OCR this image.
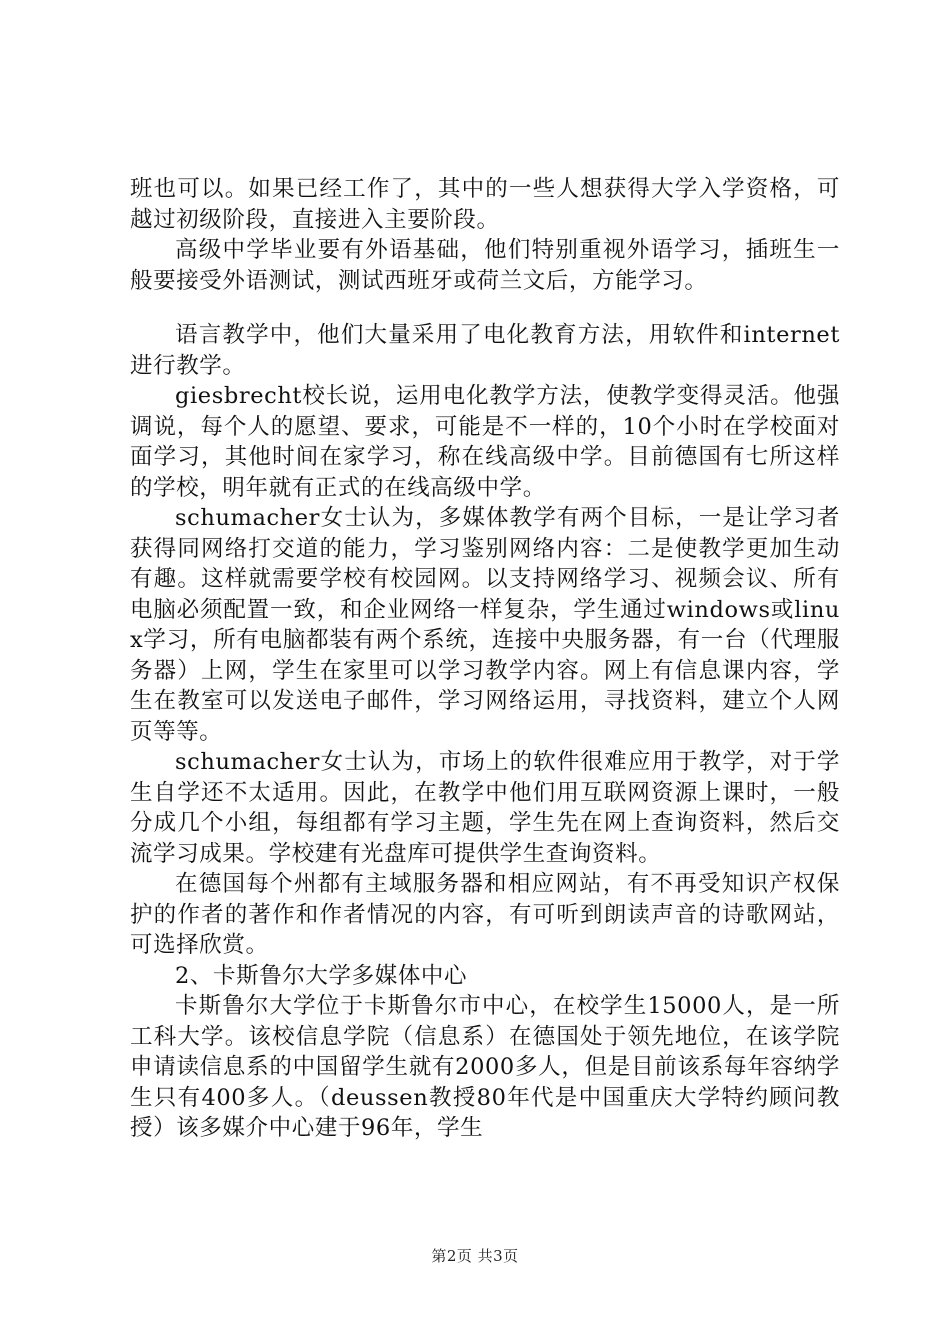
班也可以。如果已经工作了，其中的一些人想获得大学入学资格，可越过初级阶段，直接进入主要阶段。

高级中学毕业要有外语基础，他们特别重视外语学习，插班生一般要接受外语测试，测试西班牙或荷兰文后，方能学习。

语言教学中，他们大量采用了电化教育方法，用软件和internet进行教学。

giesbrecht校长说，运用电化教学方法，使教学变得灵活。他强调说，每个人的愿望、要求，可能是不一样的，10个小时在学校面对面学习，其他时间在家学习，称在线高级中学。目前德国有七所这样的学校，明年就有正式的在线高级中学。

schumacher女士认为，多媒体教学有两个目标，一是让学习者获得同网络打交道的能力，学习鉴别网络内容：二是使教学更加生动有趣。这样就需要学校有校园网。以支持网络学习、视频会议、所有电脑必须配置一致，和企业网络一样复杂，学生通过windows或linux学习，所有电脑都装有两个系统，连接中央服务器，有一台（代理服务器）上网，学生在家里可以学习教学内容。网上有信息课内容，学生在教室可以发送电子邮件，学习网络运用，寻找资料，建立个人网页等等。

schumacher女士认为，市场上的软件很难应用于教学，对于学生自学还不太适用。因此，在教学中他们用互联网资源上课时，一般分成几个小组，每组都有学习主题，学生先在网上查询资料，然后交流学习成果。学校建有光盘库可提供学生查询资料。

在德国每个州都有主域服务器和相应网站，有不再受知识产权保护的作者的著作和作者情况的内容，有可听到朗读声音的诗歌网站，可选择欣赏。

2、卡斯鲁尔大学多媒体中心

卡斯鲁尔大学位于卡斯鲁尔市中心，在校学生15000人，是一所工科大学。该校信息学院（信息系）在德国处于领先地位，在该学院申请读信息系的中国留学生就有2000多人，但是目前该系每年容纳学生只有400多人。（deussen教授80年代是中国重庆大学特约顾问教授）该多媒介中心建于96年，学生

第2页 共3页
